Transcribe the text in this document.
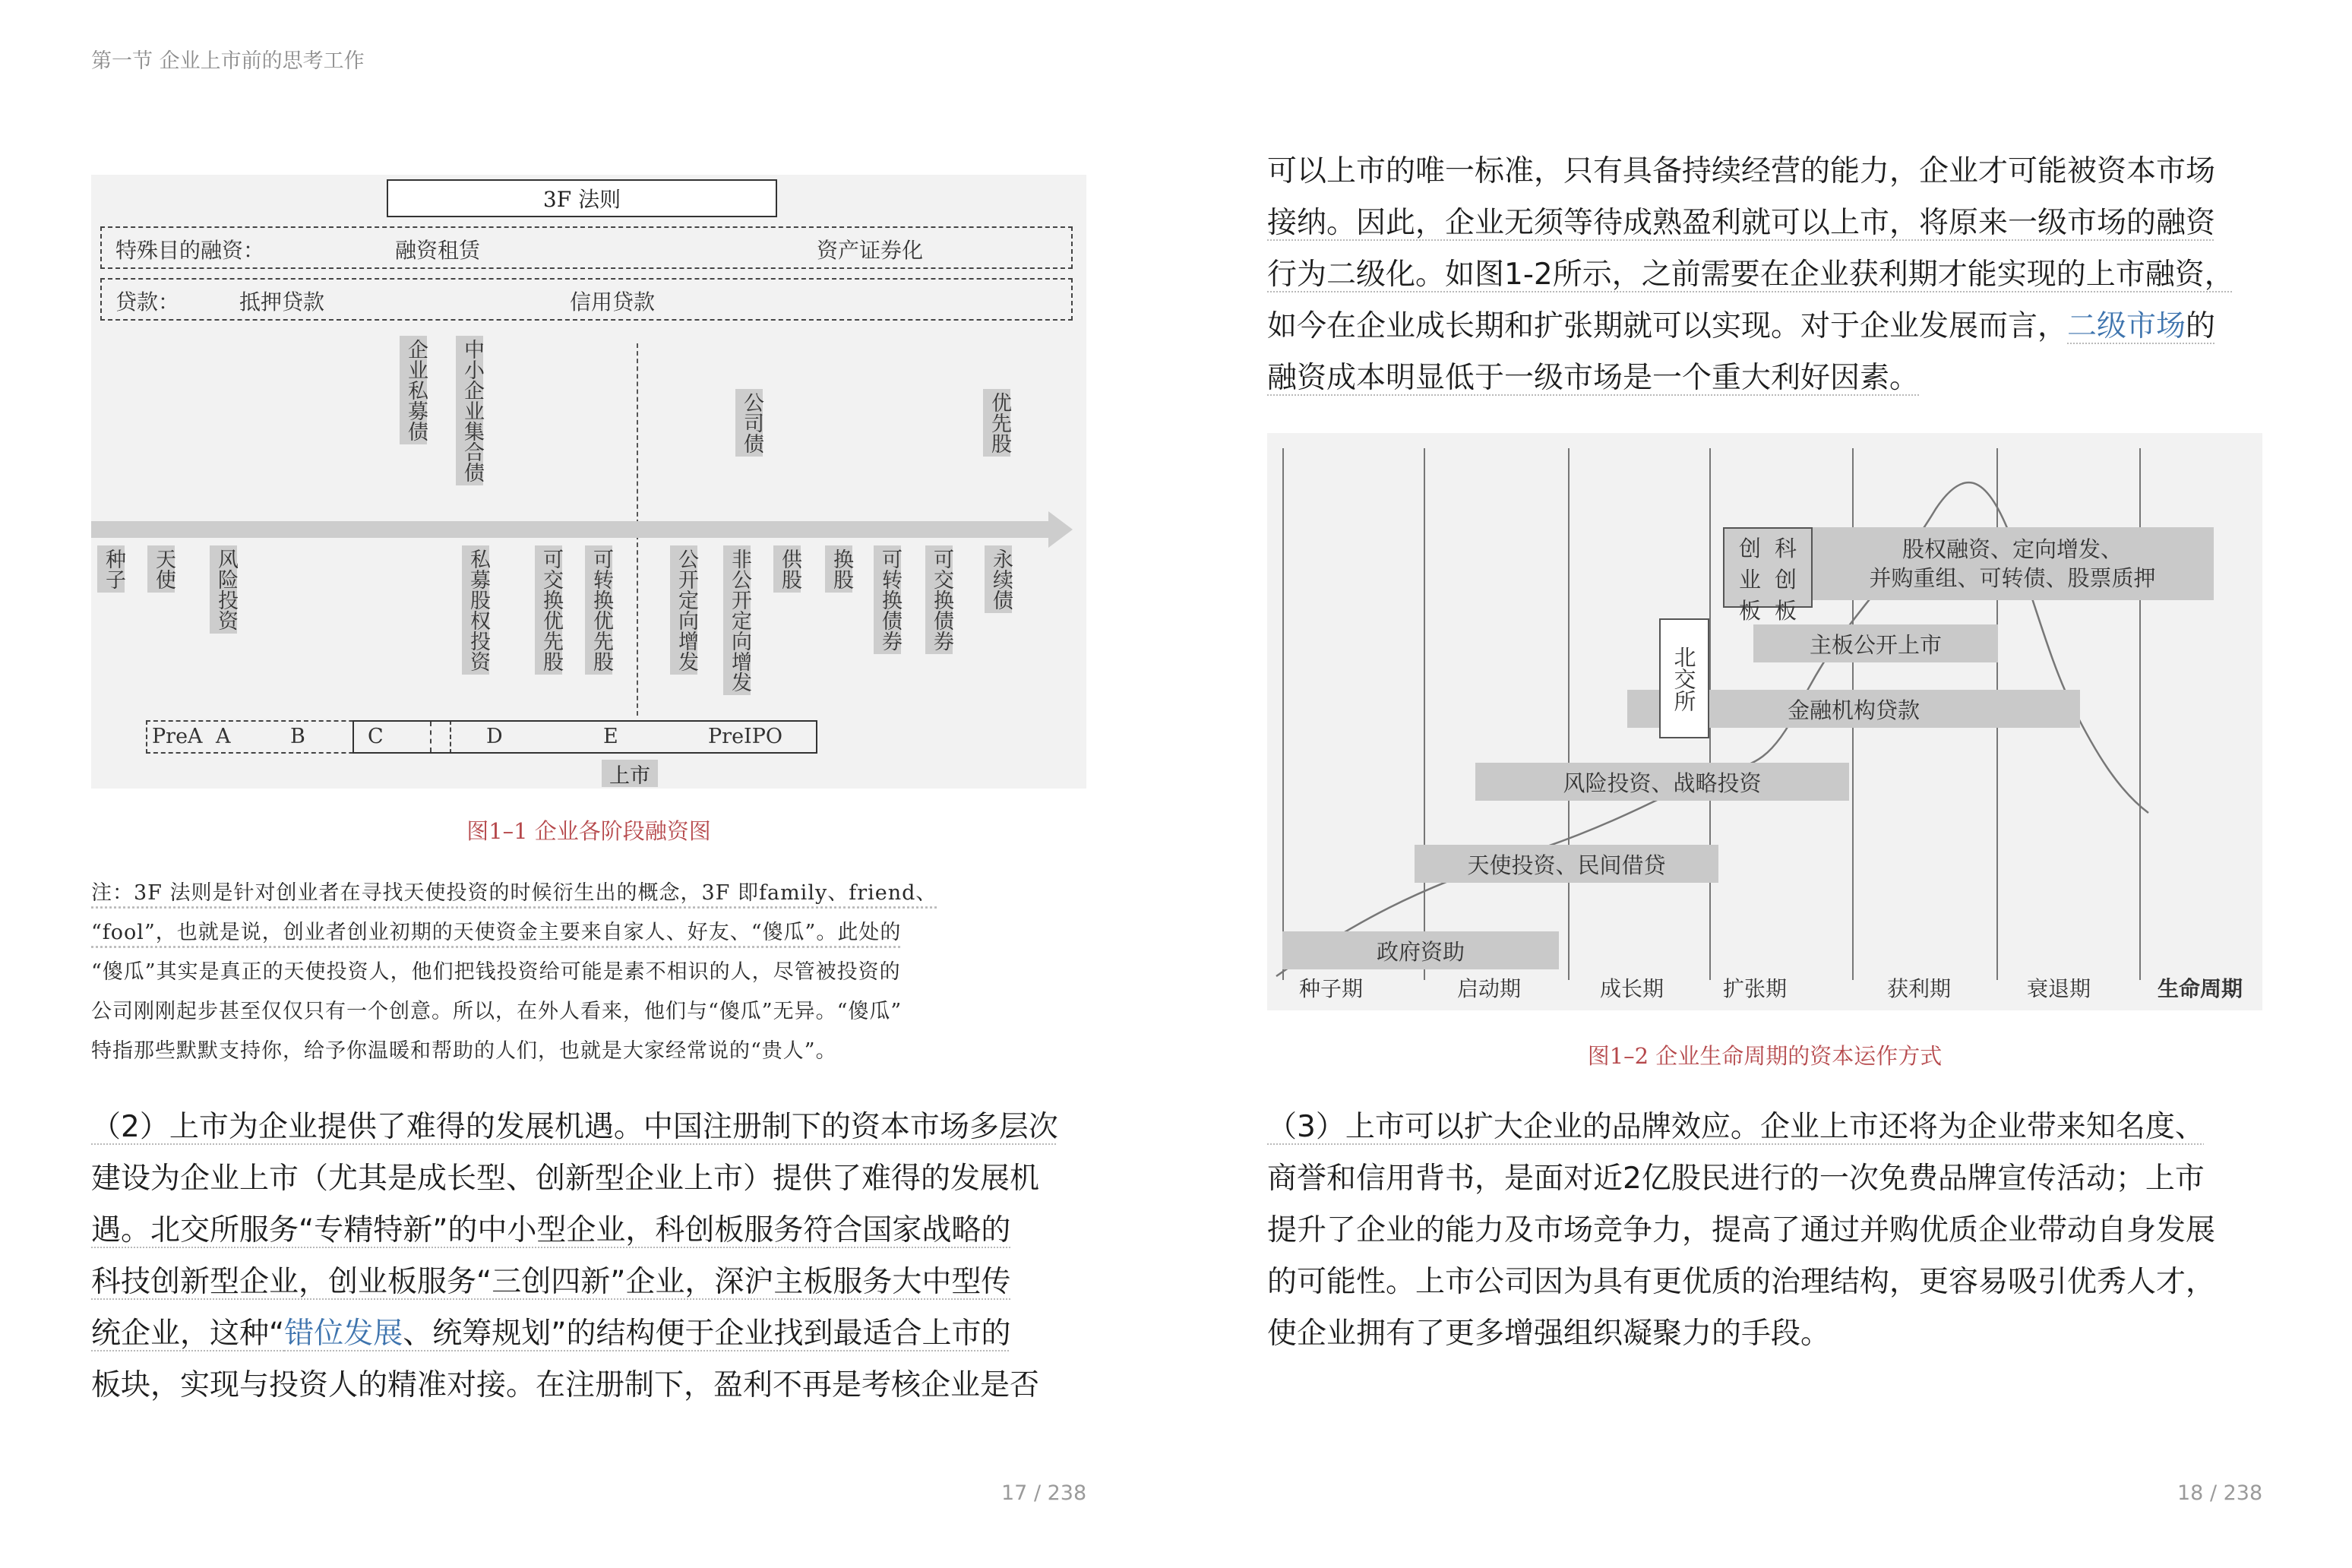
第一节 企业上市前的思考工作
3F 法则
特殊目的融资：	融资租赁	资产证券化
贷款：	抵押贷款	信用贷款
企业私募债 中小企业集合债	公司债	优先股
种子 天使 风险投资	私募股权投资 可交换优先股 可转换优先股	公开定向增发 非公开定向增发 供股 换股 可转换债券 可交换债券 永续债
PreA A	B	C	D	E	PreIPO
上市
图1–1 企业各阶段融资图
注：3F 法则是针对创业者在寻找天使投资的时候衍生出的概念，3F 即family、friend、
“fool”，也就是说，创业者创业初期的天使资金主要来自家人、好友、“傻瓜”。此处的
“傻瓜”其实是真正的天使投资人，他们把钱投资给可能是素不相识的人，尽管被投资的
公司刚刚起步甚至仅仅只有一个创意。所以，在外人看来，他们与“傻瓜”无异。“傻瓜”
特指那些默默支持你，给予你温暖和帮助的人们，也就是大家经常说的“贵人”。
（2）上市为企业提供了难得的发展机遇。中国注册制下的资本市场多层次
建设为企业上市（尤其是成长型、创新型企业上市）提供了难得的发展机
遇。北交所服务“专精特新”的中小型企业，科创板服务符合国家战略的
科技创新型企业，创业板服务“三创四新”企业，深沪主板服务大中型传
统企业，这种“错位发展、统筹规划”的结构便于企业找到最适合上市的
板块，实现与投资人的精准对接。在注册制下，盈利不再是考核企业是否
17 / 238
可以上市的唯一标准，只有具备持续经营的能力，企业才可能被资本市场
接纳。因此，企业无须等待成熟盈利就可以上市，将原来一级市场的融资
行为二级化。如图1-2所示，之前需要在企业获利期才能实现的上市融资，
如今在企业成长期和扩张期就可以实现。对于企业发展而言，二级市场的
融资成本明显低于一级市场是一个重大利好因素。
政府资助
天使投资、民间借贷
风险投资、战略投资
金融机构贷款
主板公开上市
股权融资、定向增发、
并购重组、可转债、股票质押
创 科
业 创
板 板
北交所
种子期	启动期	成长期	扩张期	获利期	衰退期	生命周期
图1–2 企业生命周期的资本运作方式
（3）上市可以扩大企业的品牌效应。企业上市还将为企业带来知名度、
商誉和信用背书，是面对近2亿股民进行的一次免费品牌宣传活动；上市
提升了企业的能力及市场竞争力，提高了通过并购优质企业带动自身发展
的可能性。上市公司因为具有更优质的治理结构，更容易吸引优秀人才，
使企业拥有了更多增强组织凝聚力的手段。
18 / 238
